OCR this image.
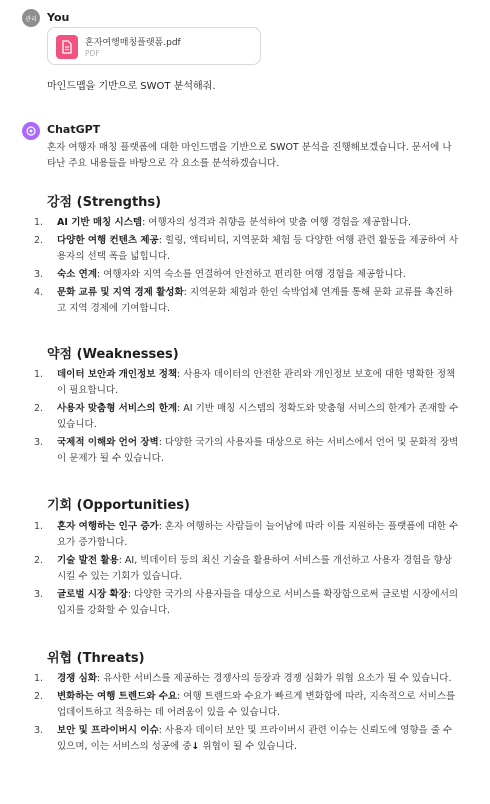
관리 You
혼자여행매칭플랫폼.pdf
PDF
마인드맵을 기반으로 SWOT 분석해줘.
ChatGPT
혼자 여행자 매칭 플랫폼에 대한 마인드맵을 기반으로 SWOT 분석을 진행해보겠습니다. 문서에 나타난 주요 내용들을 바탕으로 각 요소를 분석하겠습니다.
강점 (Strengths)
1. AI 기반 매칭 시스템: 여행자의 성격과 취향을 분석하여 맞춤 여행 경험을 제공합니다.
2. 다양한 여행 컨텐츠 제공: 힐링, 액티비티, 지역문화 체험 등 다양한 여행 관련 활동을 제공하여 사용자의 선택 폭을 넓힙니다.
3. 숙소 연계: 여행자와 지역 숙소를 연결하여 안전하고 편리한 여행 경험을 제공합니다.
4. 문화 교류 및 지역 경제 활성화: 지역문화 체험과 한인 숙박업체 연계를 통해 문화 교류를 촉진하고 지역 경제에 기여합니다.
약점 (Weaknesses)
1. 데이터 보안과 개인정보 정책: 사용자 데이터의 안전한 관리와 개인정보 보호에 대한 명확한 정책이 필요합니다.
2. 사용자 맞춤형 서비스의 한계: AI 기반 매칭 시스템의 정확도와 맞춤형 서비스의 한계가 존재할 수 있습니다.
3. 국제적 이해와 언어 장벽: 다양한 국가의 사용자를 대상으로 하는 서비스에서 언어 및 문화적 장벽이 문제가 될 수 있습니다.
기회 (Opportunities)
1. 혼자 여행하는 인구 증가: 혼자 여행하는 사람들이 늘어남에 따라 이를 지원하는 플랫폼에 대한 수요가 증가합니다.
2. 기술 발전 활용: AI, 빅데이터 등의 최신 기술을 활용하여 서비스를 개선하고 사용자 경험을 향상시킬 수 있는 기회가 있습니다.
3. 글로벌 시장 확장: 다양한 국가의 사용자들을 대상으로 서비스를 확장함으로써 글로벌 시장에서의 입지를 강화할 수 있습니다.
위협 (Threats)
1. 경쟁 심화: 유사한 서비스를 제공하는 경쟁사의 등장과 경쟁 심화가 위협 요소가 될 수 있습니다.
2. 변화하는 여행 트렌드와 수요: 여행 트렌드와 수요가 빠르게 변화함에 따라, 지속적으로 서비스를 업데이트하고 적응하는 데 어려움이 있을 수 있습니다.
3. 보안 및 프라이버시 이슈: 사용자 데이터 보안 및 프라이버시 관련 이슈는 신뢰도에 영향을 줄 수 있으며, 이는 서비스의 성공에 중↓ 위협이 될 수 있습니다.
